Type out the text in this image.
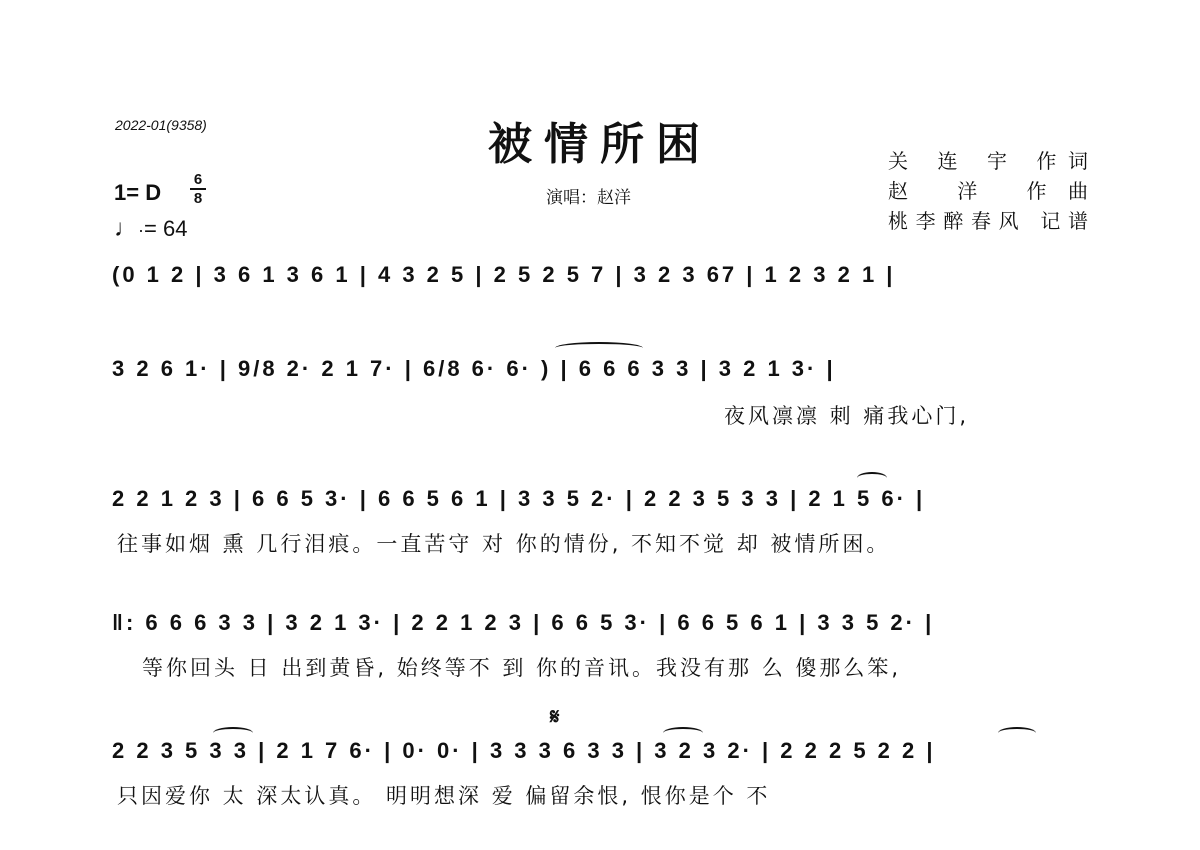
2022-01(9358)	被情所困
演唱：赵洋
关 连 宇 作词
赵 洋 作曲
桃李醉春风 记谱
1= D
6
8
♩·= 64
(0 1 2 | 3 6 1 3 6 1 | 4 3 2 5 | 2 5 2 5 7 | 3 2 3 67 | 1 2 3 2 1 |
3 2 6 1· | 9/8 2· 2 1 7· | 6/8 6· 6· ) | 6 6 6 3 3 | 3 2 1 3· |
夜风凛凛 刺 痛我心门,
2 2 1 2 3 | 6 6 5 3· | 6 6 5 6 1 | 3 3 5 2· | 2 2 3 5 3 3 | 2 1 5 6· |
往事如烟 熏 几行泪痕。一直苦守 对 你的情份, 不知不觉 却 被情所困。
‖: 6 6 6 3 3 | 3 2 1 3· | 2 2 1 2 3 | 6 6 5 3· | 6 6 5 6 1 | 3 3 5 2· |
等你回头 日 出到黄昏, 始终等不 到 你的音讯。我没有那 么 傻那么笨,
𝄋
2 2 3 5 3 3 | 2 1 7 6· | 0· 0· | 3 3 3 6 3 3 | 3 2 3 2· | 2 2 2 5 2 2 |
只因爱你 太 深太认真。 明明想深 爱 偏留余恨, 恨你是个 不
